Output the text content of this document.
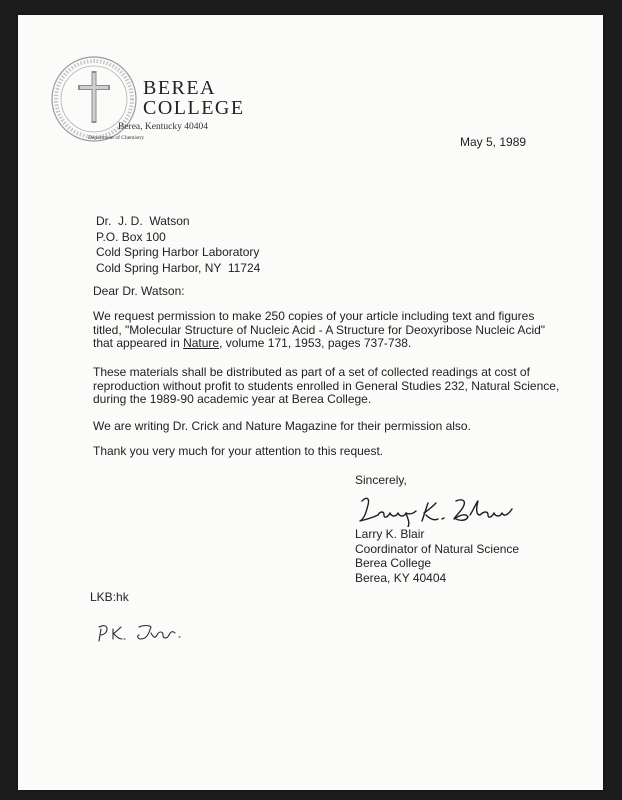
BEREA
COLLEGE
Berea, Kentucky 40404
Department of Chemistry	May 5, 1989
Dr.  J. D.  Watson
P.O. Box 100
Cold Spring Harbor Laboratory
Cold Spring Harbor, NY  11724
Dear Dr. Watson:
We request permission to make 250 copies of your article including text and figures titled, "Molecular Structure of Nucleic Acid - A Structure for Deoxyribose Nucleic Acid" that appeared in Nature, volume 171, 1953, pages 737-738.
These materials shall be distributed as part of a set of collected readings at cost of reproduction without profit to students enrolled in General Studies 232, Natural Science, during the 1989-90 academic year at Berea College.
We are writing Dr. Crick and Nature Magazine for their permission also.
Thank you very much for your attention to this request.
Sincerely,
Larry K. Blair
Coordinator of Natural Science
Berea College
Berea, KY 40404
LKB:hk
